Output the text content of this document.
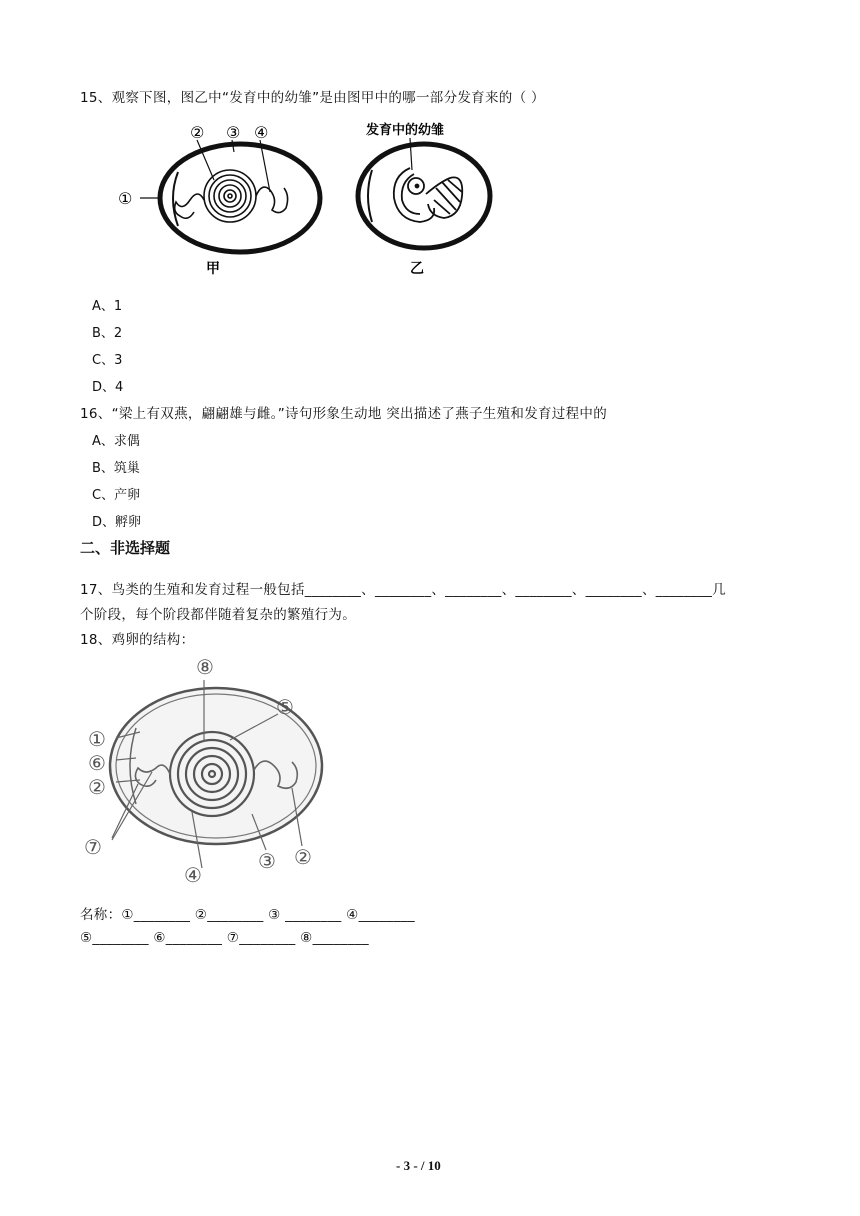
15、观察下图，图乙中“发育中的幼雏”是由图甲中的哪一部分发育来的（ ）
② ③ ④
①
甲
发育中的幼雏
乙
A、1
B、2
C、3
D、4
16、“梁上有双燕，翩翩雄与雌。”诗句形象生动地 突出描述了燕子生殖和发育过程中的
A、求偶
B、筑巢
C、产卵
D、孵卵
二、非选择题
17、鸟类的生殖和发育过程一般包括________、________、________、________、________、________几
个阶段，每个阶段都伴随着复杂的繁殖行为。
18、鸡卵的结构：
⑧
⑤
①
⑥
②
⑦
④
③ ②
名称：①________ ②________ ③ ________ ④________
⑤________ ⑥________ ⑦________ ⑧________
- 3 - / 10
